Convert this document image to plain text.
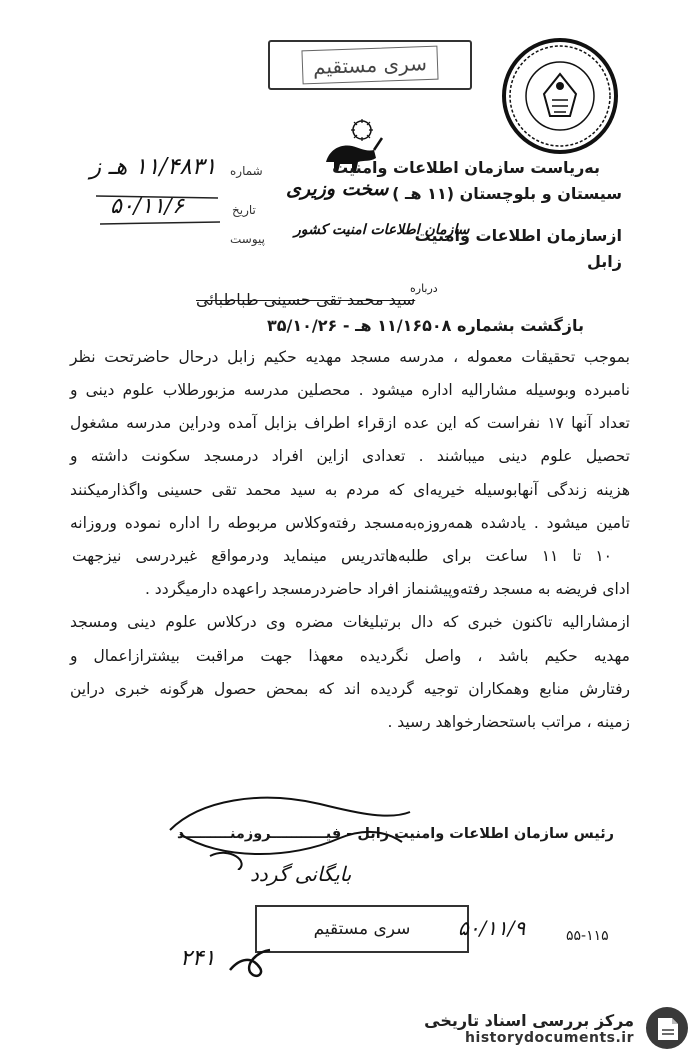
سری مستقیم
شماره
۱۱/۴۸۳۱ هـ ز
تاریخ
۵۰/۱۱/۶
پیوست
به‌ریاست سازمان اطلاعات وامنیت
سیستان و بلوچستان (۱۱ هـ )
سخت وزیری
ازسازمان اطلاعات وامنیت
سازمان اطلاعات امنیت کشور
زابل
درباره
سید محمد تقی حسینی طباطبائی
بازگشت بشماره ۱۱/۱۶۵۰۸ هـ - ۳۵/۱۰/۲۶
بموجب تحقیقات معموله ، مدرسه مسجد مهدیه حکیم زابل درحال حاضرتحت نظر
نامبرده وبوسیله مشارالیه اداره میشود . محصلین مدرسه مزبورطلاب علوم دینی و
تعداد آنها ۱۷ نفراست که این عده ازقراء اطراف بزابل آمده ودراین مدرسه مشغول
تحصیل علوم دینی میباشند . تعدادی ازاین افراد درمسجد سکونت داشته و
هزینه زندگی آنهابوسیله خیریه‌ای که مردم به سید محمد تقی حسینی واگذارمیکنند
تامین میشود . یادشده همه‌روزه‌به‌مسجد رفته‌وکلاس مربوطه را اداره نموده وروزانه
۱۰ تا ۱۱ ساعت برای طلبه‌هاتدریس مینماید ودرمواقع غیردرسی نیزجهت
ادای فریضه به مسجد رفته‌وپیشنماز افراد حاضردرمسجد راعهده دارمیگردد .
ازمشارالیه تاکنون خبری که دال برتبلیغات مضره وی درکلاس علوم دینی ومسجد
مهدیه حکیم باشد ، واصل نگردیده معهذا جهت مراقبت بیشترازاعمال و
رفتارش منابع وهمکاران توجیه گردیده اند که بمحض حصول هرگونه خبری دراین
زمینه ، مراتب باستحضارخواهد رسید .
رئیس سازمان اطلاعات وامنیت زابل - فیـــــــــــروزمنـــــــــد
بایگانی گردد
سری مستقیم ۵۰/۱۱/۹	۵۵-۱۱۵
۲۴۱
مرکز بررسی اسناد تاریخی
historydocuments.ir
